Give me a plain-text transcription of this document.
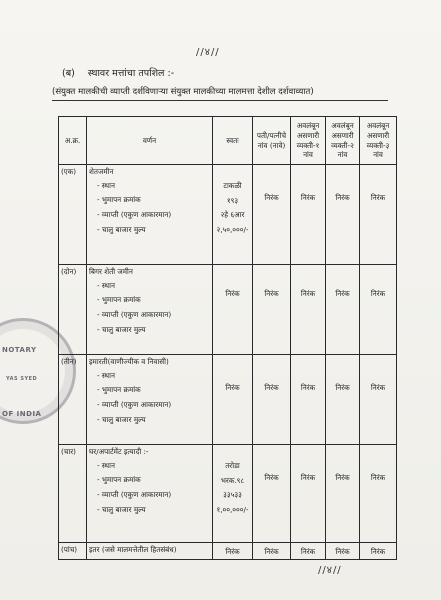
//४//
(ब) स्थावर मत्तांचा तपशिल :-
(संयुक्त मालकीची व्याप्ती दर्शविणाऱ्या संयुक्त मालकीच्या मालमत्ता देशील दर्शवाव्यात)
NOTARY
YAS SYED
OF INDIA
अ.क्र.	वर्णन	स्वतः	पती/पत्नीचे नांव (नावे)	अवलंबून असणारी व्यक्ती-१ नांव	अवलंबून असणारी व्यक्ती-२ नांव	अवलंबून असणारी व्यक्ती-३ नांव
(एक)	शेतजमीन
- स्थान
- भुमापन क्रमांक
- व्याप्ती (एकुण आकारमान)
- चालु बाजार मुल्य	टाकळी
१९३
२हे ६आर
२,५०,०००/-	निरंक	निरंक	निरंक	निरंक

(दोन)	बिगर शेती जमीन
- स्थान
- भुमापन क्रमांक
- व्याप्ती (एकुण आकारमान)
- चालु बाजार मुल्य	निरंक	निरंक	निरंक	निरंक	निरंक

(तीन)	इमारती(वाणीज्यीक व निवासी)
- स्थान
- भुमापन क्रमांक
- व्याप्ती (एकुण आकारमान)
- चालु बाजार मुल्य	निरंक	निरंक	निरंक	निरंक	निरंक

(चार)	घर/अपार्टमेंट इत्यादी :-
- स्थान
- भुमापन क्रमांक
- व्याप्ती (एकुण आकारमान)
- चालु बाजार मुल्य	तरोडा
भरक.९८
३३५३३
१,००,०००/-	निरंक	निरंक	निरंक	निरंक

(पांच)	इतर (जसे मालमत्तेतील हितसंबंध)	निरंक	निरंक	निरंक	निरंक	निरंक
//४//
